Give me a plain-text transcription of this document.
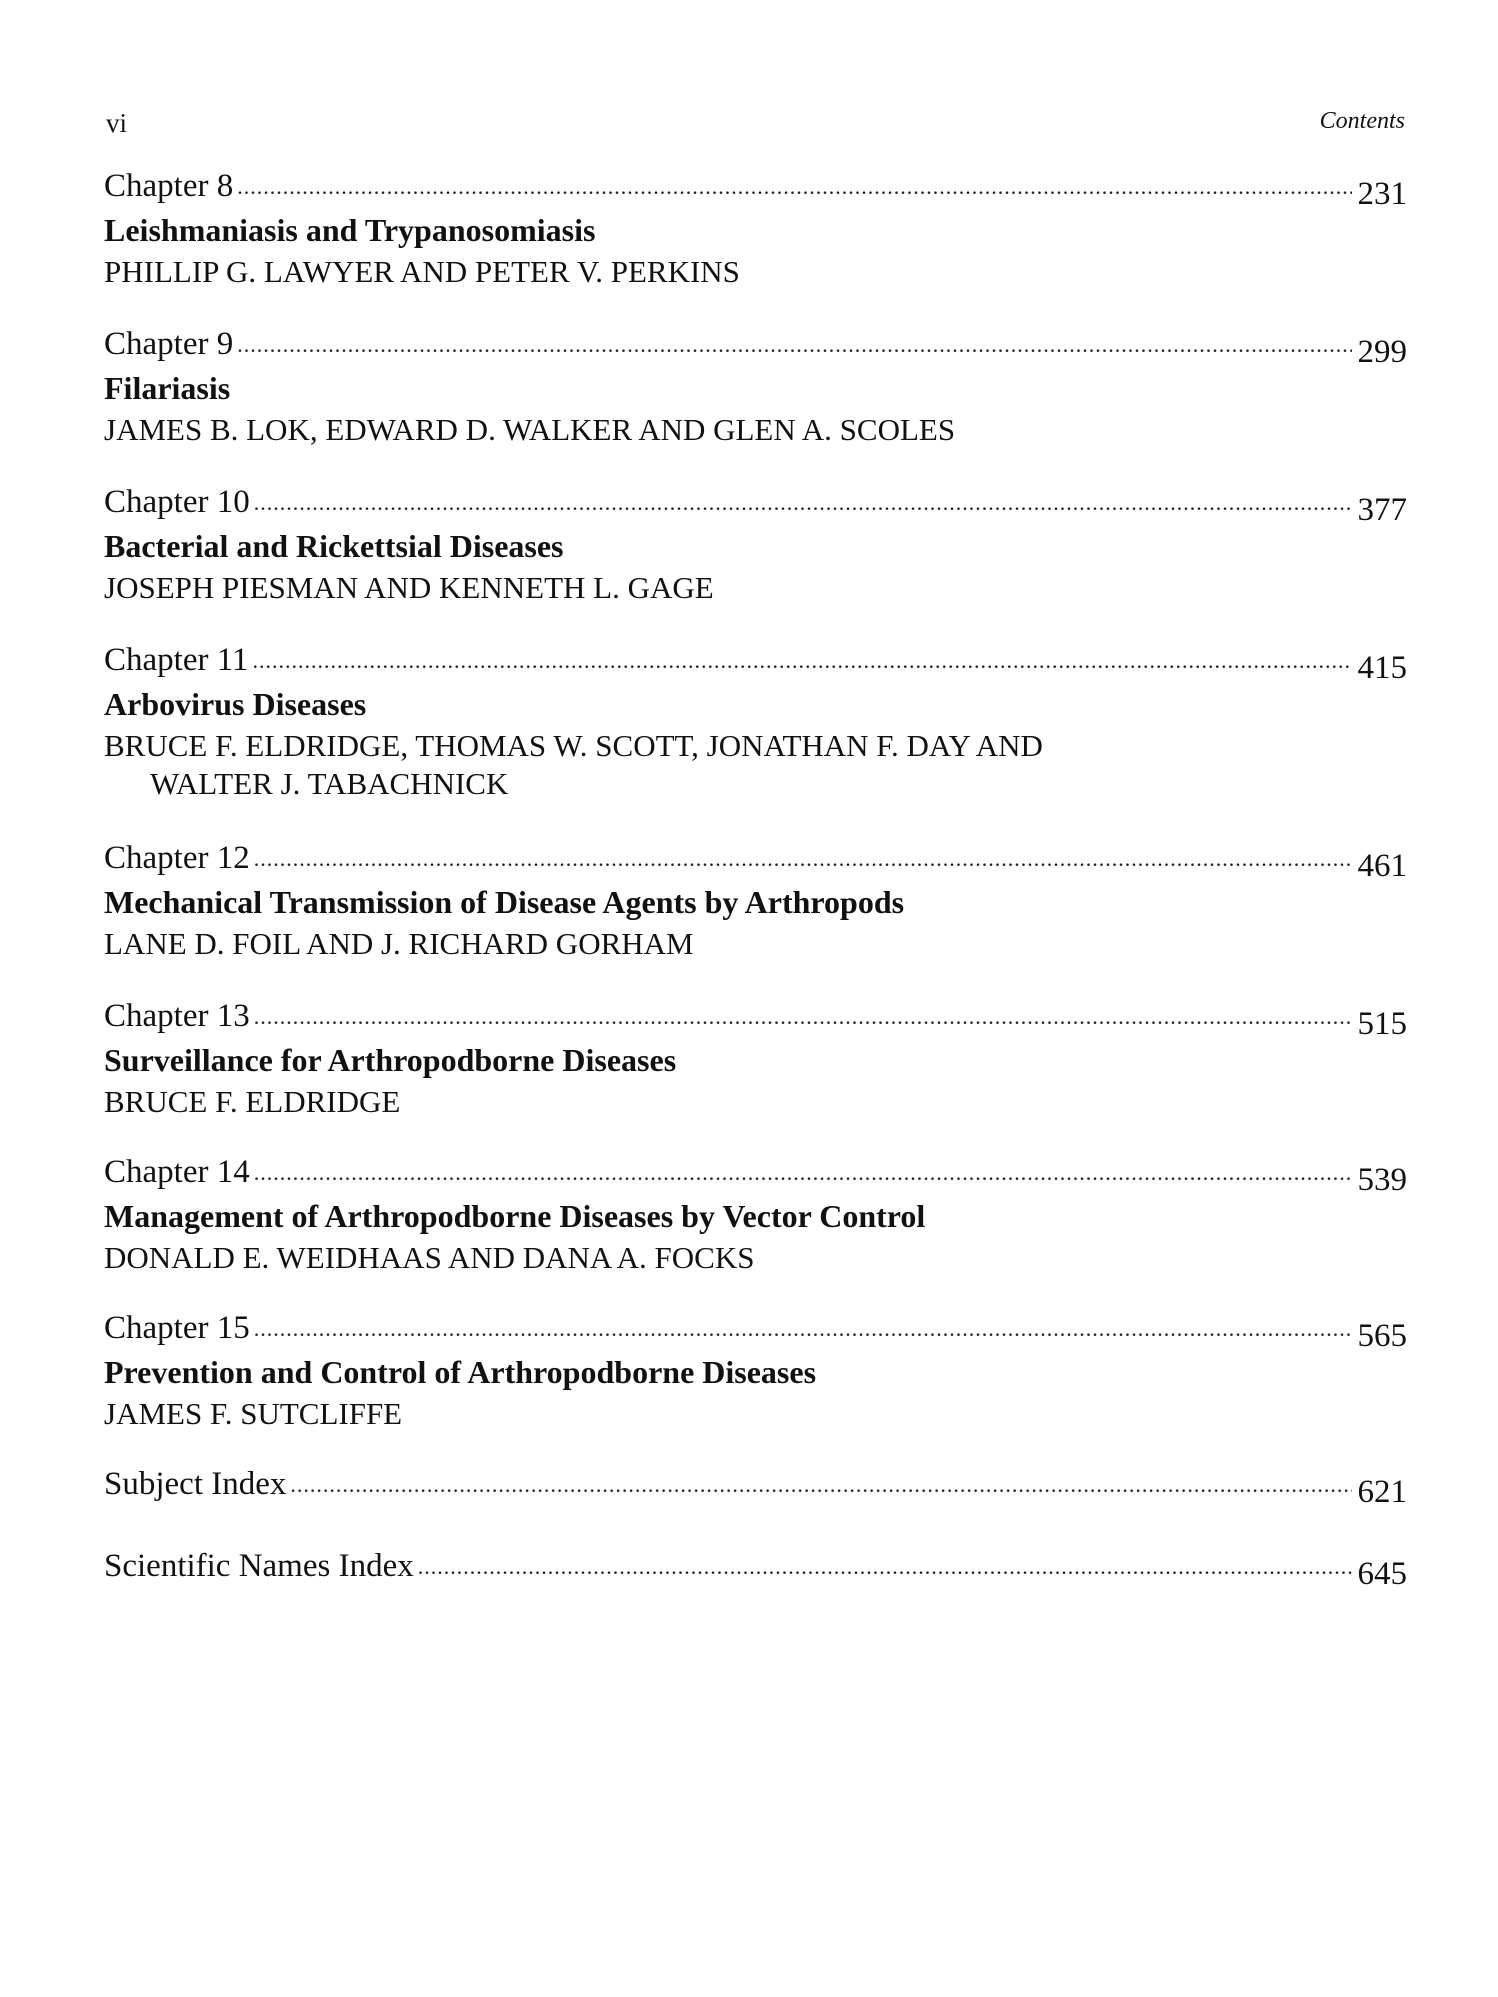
vi	Contents
Chapter 8 .....	231
Leishmaniasis and Trypanosomiasis
PHILLIP G. LAWYER AND PETER V. PERKINS
Chapter 9 .....	299
Filariasis
JAMES B. LOK, EDWARD D. WALKER AND GLEN A. SCOLES
Chapter 10 .....	377
Bacterial and Rickettsial Diseases
JOSEPH PIESMAN AND KENNETH L. GAGE
Chapter 11 .....	415
Arbovirus Diseases
BRUCE F. ELDRIDGE, THOMAS W. SCOTT, JONATHAN F. DAY AND
WALTER J. TABACHNICK
Chapter 12 .....	461
Mechanical Transmission of Disease Agents by Arthropods
LANE D. FOIL AND J. RICHARD GORHAM
Chapter 13 .....	515
Surveillance for Arthropodborne Diseases
BRUCE F. ELDRIDGE
Chapter 14 .....	539
Management of Arthropodborne Diseases by Vector Control
DONALD E. WEIDHAAS AND DANA A. FOCKS
Chapter 15 .....	565
Prevention and Control of Arthropodborne Diseases
JAMES F. SUTCLIFFE
Subject Index .....	621
Scientific Names Index .....	645
